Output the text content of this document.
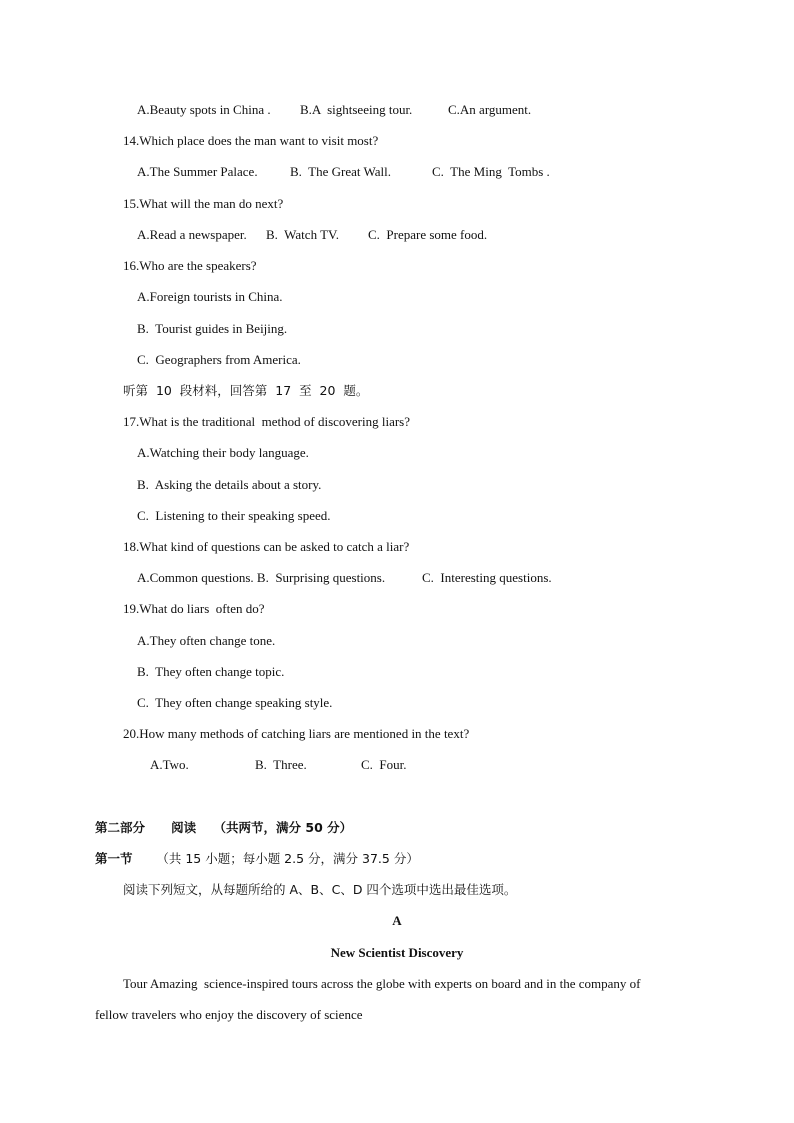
A.Beauty spots in China . B.A  sightseeing tour.	C.An argument.
14.Which place does the man want to visit most?
A.The Summer Palace. B.  The Great Wall.	C.  The Ming  Tombs .
15.What will the man do next?
A.Read a newspaper. B.  Watch TV. C.  Prepare some food.
16.Who are the speakers?
A.Foreign tourists in China.
B.  Tourist guides in Beijing.
C.  Geographers from America.
听第  10  段材料，回答第  17  至  20  题。
17.What is the traditional  method of discovering liars?
A.Watching their body language.
B.  Asking the details about a story.
C.  Listening to their speaking speed.
18.What kind of questions can be asked to catch a liar?
A.Common questions. B.  Surprising questions.	C.  Interesting questions.
19.What do liars  often do?
A.They often change tone.
B.  They often change topic.
C.  They often change speaking style.
20.How many methods of catching liars are mentioned in the text?
A.Two.	B.  Three.	C.  Four.
第二部分      阅读    （共两节，满分 50 分）
第一节      （共 15 小题；每小题 2.5 分，满分 37.5 分）
阅读下列短文，从每题所给的 A、B、C、D 四个选项中选出最佳选项。
A
New Scientist Discovery
Tour Amazing  science-inspired tours across the globe with experts on board and in the company of
fellow travelers who enjoy the discovery of science
